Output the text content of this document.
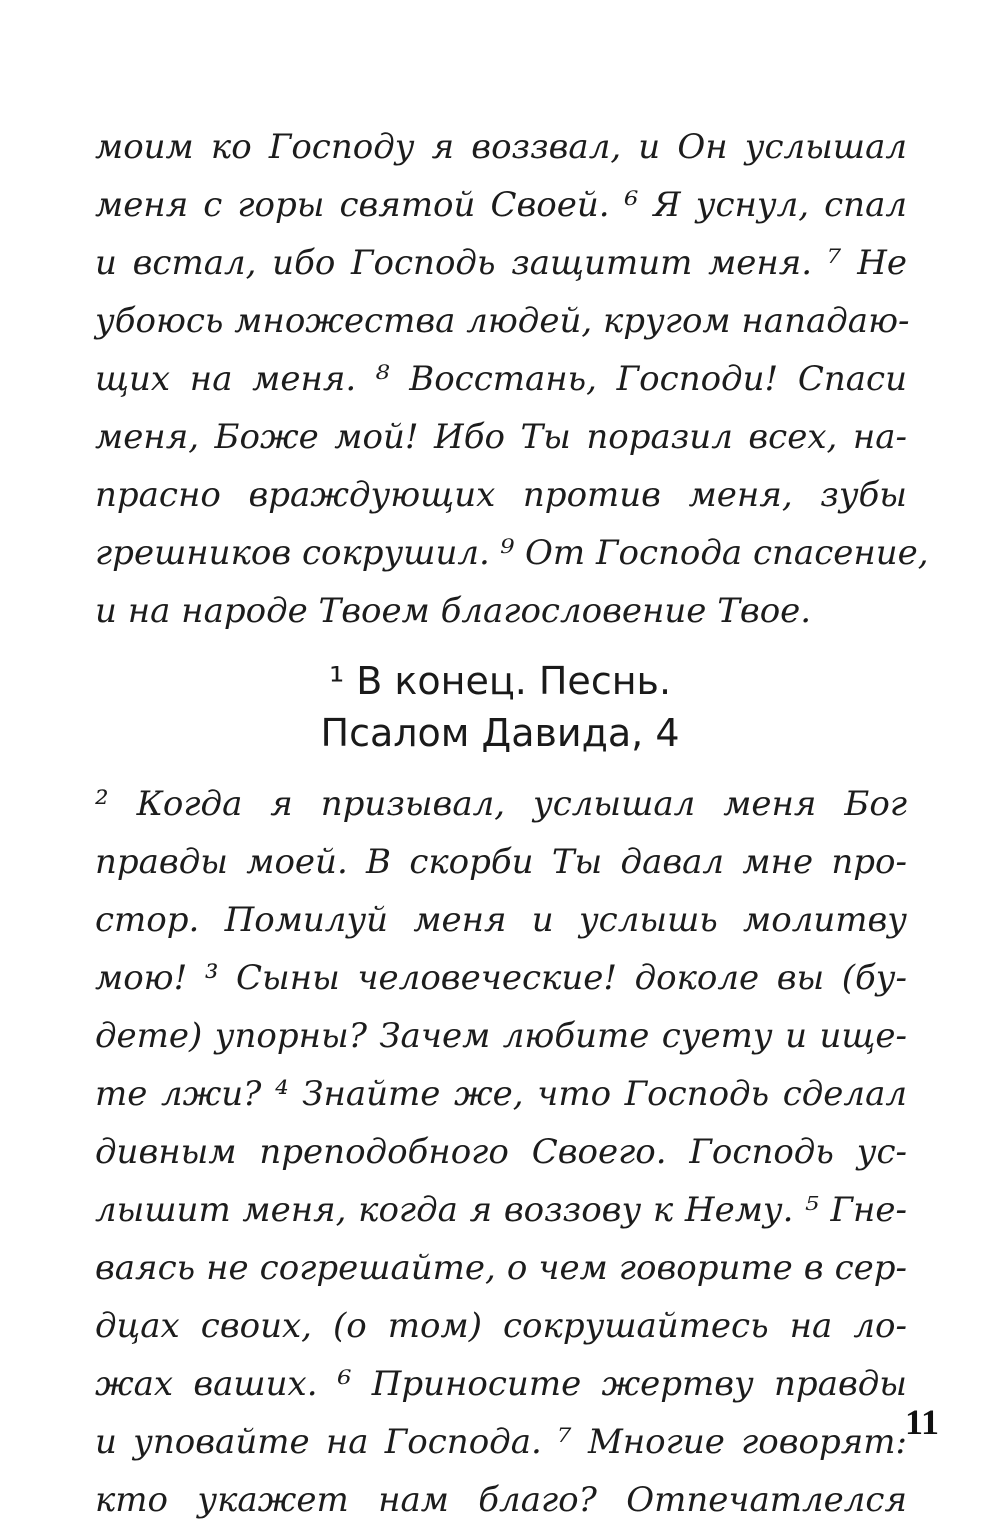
моим ко Господу я воззвал, и Он услышал
меня с горы святой Своей. ⁶ Я уснул, спал
и встал, ибо Господь защитит меня. ⁷ Не
убоюсь множества людей, кругом нападаю-
щих на меня. ⁸ Восстань, Господи! Спаси
меня, Боже мой! Ибо Ты поразил всех, на-
прасно враждующих против меня, зубы
грешников сокрушил. ⁹ От Господа спасение,
и на народе Твоем благословение Твое.
¹ В конец. Песнь.
Псалом Давида, 4
² Когда я призывал, услышал меня Бог
правды моей. В скорби Ты давал мне про-
стор. Помилуй меня и услышь молитву
мою! ³ Сыны человеческие! доколе вы (бу-
дете) упорны? Зачем любите суету и ище-
те лжи? ⁴ Знайте же, что Господь сделал
дивным преподобного Своего. Господь ус-
лышит меня, когда я воззову к Нему. ⁵ Гне-
ваясь не согрешайте, о чем говорите в сер-
дцах своих, (о том) сокрушайтесь на ло-
жах ваших. ⁶ Приносите жертву правды
и уповайте на Господа. ⁷ Многие говорят:
кто укажет нам благо? Отпечатлелся
11
